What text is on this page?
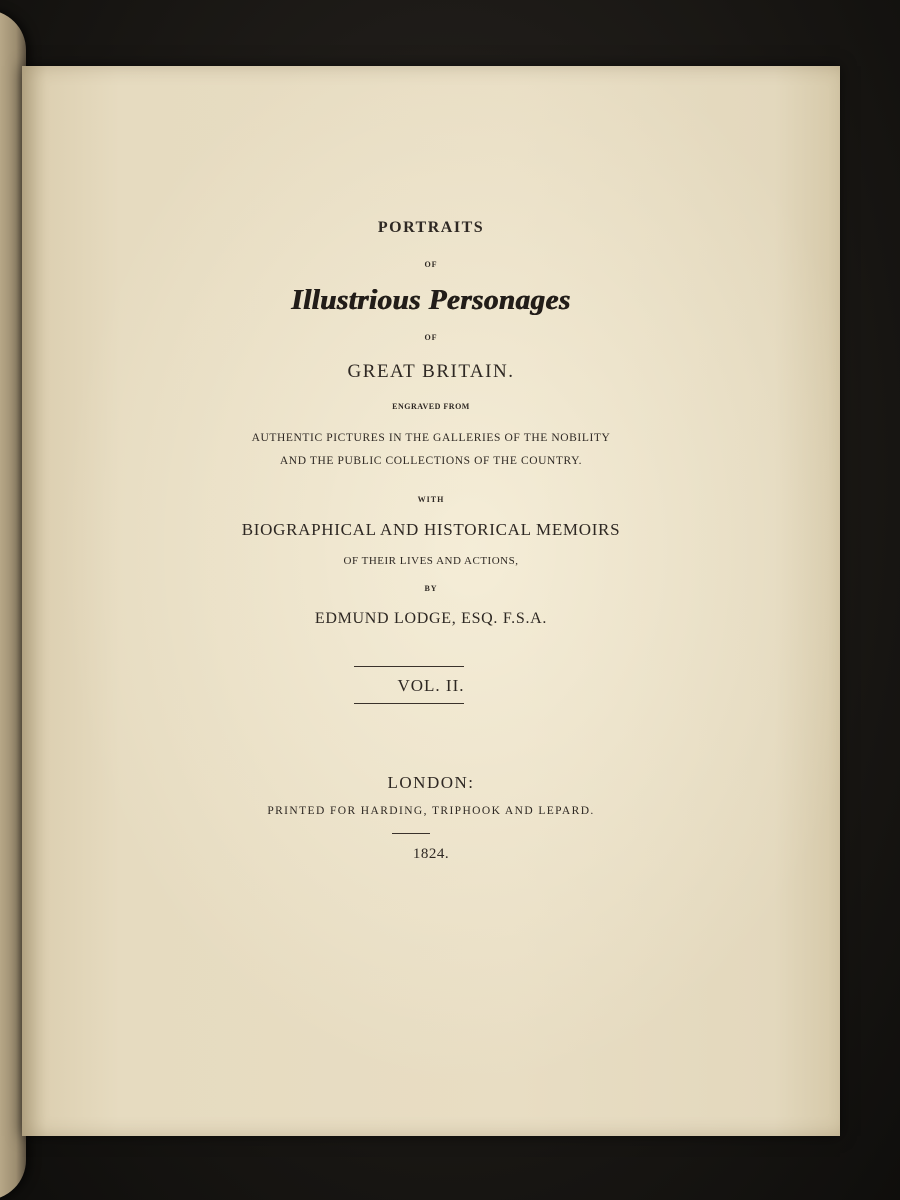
PORTRAITS
OF
Illustrious Personages
OF
GREAT BRITAIN.
ENGRAVED FROM
AUTHENTIC PICTURES IN THE GALLERIES OF THE NOBILITY
AND THE PUBLIC COLLECTIONS OF THE COUNTRY.
WITH
BIOGRAPHICAL AND HISTORICAL MEMOIRS
OF THEIR LIVES AND ACTIONS,
BY
EDMUND LODGE, ESQ. F.S.A.
VOL. II.
LONDON:
PRINTED FOR HARDING, TRIPHOOK AND LEPARD.
1824.
